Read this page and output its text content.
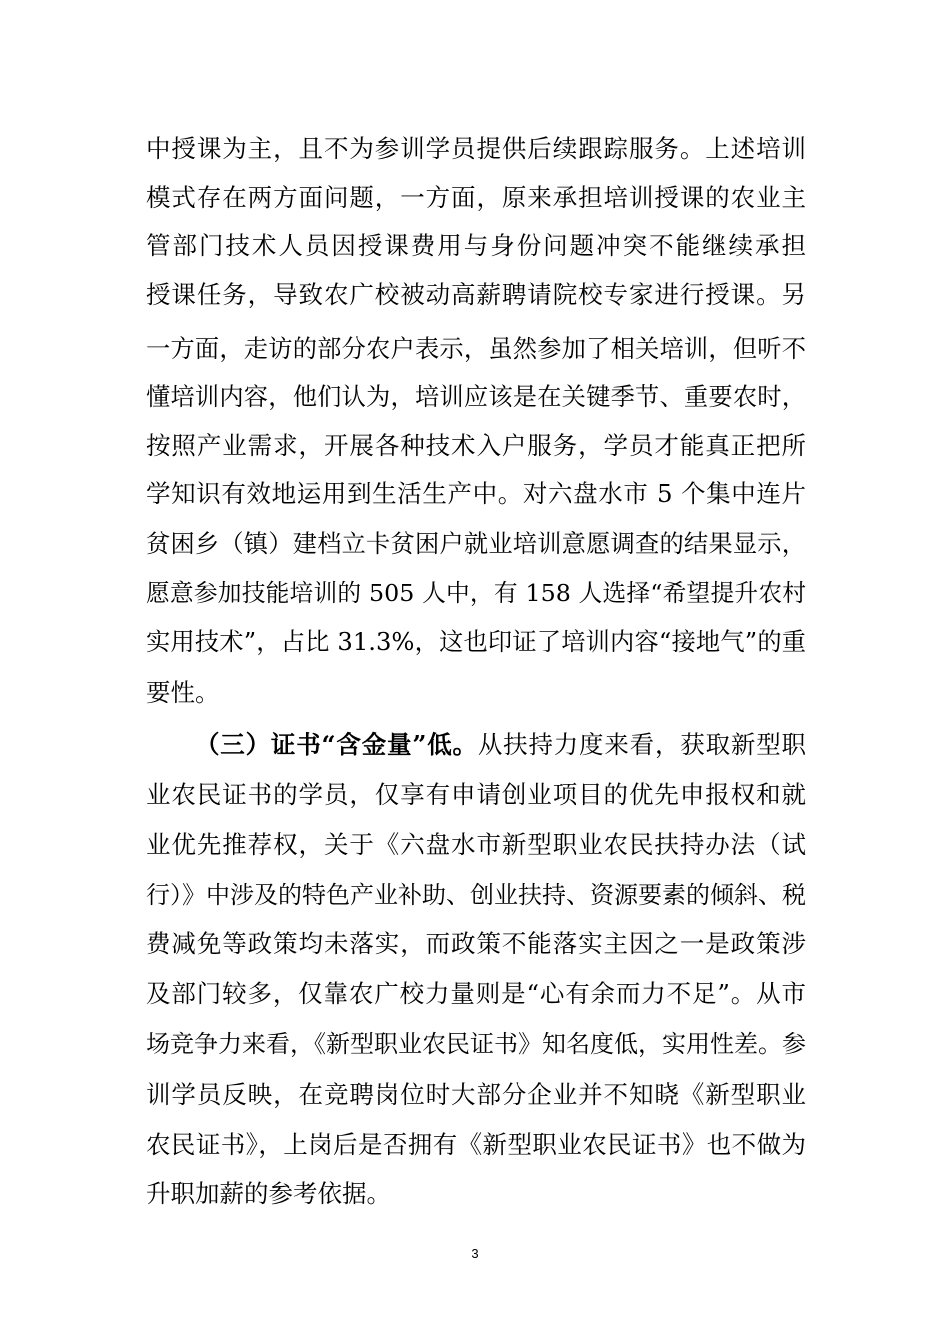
中授课为主，且不为参训学员提供后续跟踪服务。上述培训
模式存在两方面问题，一方面，原来承担培训授课的农业主
管部门技术人员因授课费用与身份问题冲突不能继续承担
授课任务，导致农广校被动高薪聘请院校专家进行授课。另
一方面，走访的部分农户表示，虽然参加了相关培训，但听不
懂培训内容，他们认为，培训应该是在关键季节、重要农时，
按照产业需求，开展各种技术入户服务，学员才能真正把所
学知识有效地运用到生活生产中。对六盘水市 5 个集中连片
贫困乡（镇）建档立卡贫困户就业培训意愿调查的结果显示，
愿意参加技能培训的 505 人中，有 158 人选择“希望提升农村
实用技术”，占比 31.3%，这也印证了培训内容“接地气”的重
要性。
（三）证书“含金量”低。从扶持力度来看，获取新型职
业农民证书的学员，仅享有申请创业项目的优先申报权和就
业优先推荐权，关于《六盘水市新型职业农民扶持办法（试
行）》中涉及的特色产业补助、创业扶持、资源要素的倾斜、税
费减免等政策均未落实，而政策不能落实主因之一是政策涉
及部门较多，仅靠农广校力量则是“心有余而力不足”。从市
场竞争力来看，《新型职业农民证书》知名度低，实用性差。参
训学员反映，在竞聘岗位时大部分企业并不知晓《新型职业
农民证书》，上岗后是否拥有《新型职业农民证书》也不做为
升职加薪的参考依据。
3
